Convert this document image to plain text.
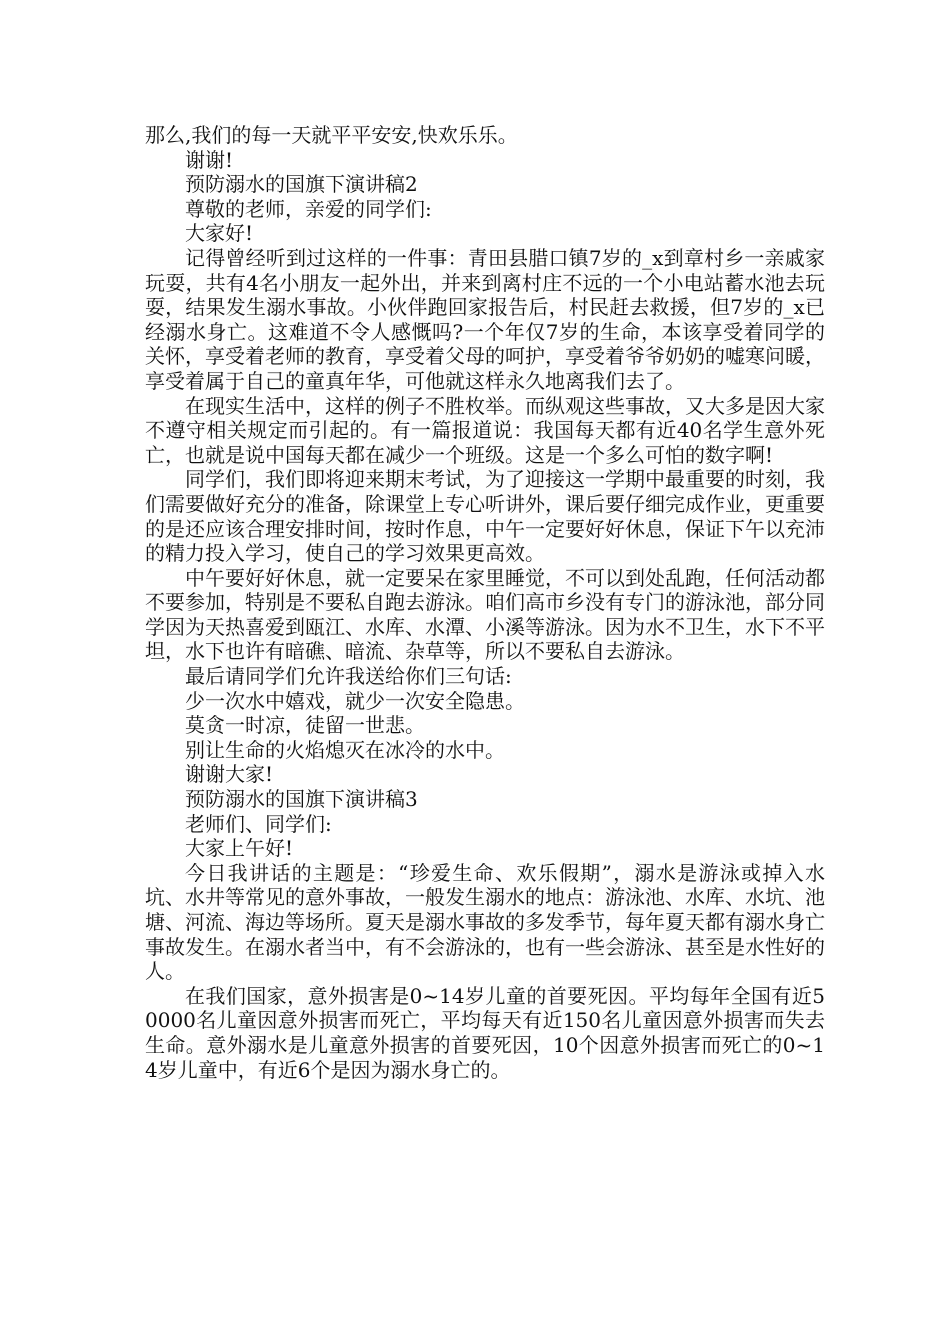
那么,我们的每一天就平平安安,快欢乐乐。

谢谢!

预防溺水的国旗下演讲稿2

尊敬的老师，亲爱的同学们:

大家好!

记得曾经听到过这样的一件事：青田县腊口镇7岁的_x到章村乡一亲戚家玩耍，共有4名小朋友一起外出，并来到离村庄不远的一个小电站蓄水池去玩耍，结果发生溺水事故。小伙伴跑回家报告后，村民赶去救援，但7岁的_x已经溺水身亡。这难道不令人感慨吗?一个年仅7岁的生命，本该享受着同学的关怀，享受着老师的教育，享受着父母的呵护，享受着爷爷奶奶的嘘寒问暖，享受着属于自己的童真年华，可他就这样永久地离我们去了。

在现实生活中，这样的例子不胜枚举。而纵观这些事故，又大多是因大家不遵守相关规定而引起的。有一篇报道说：我国每天都有近40名学生意外死亡，也就是说中国每天都在减少一个班级。这是一个多么可怕的数字啊!

同学们，我们即将迎来期末考试，为了迎接这一学期中最重要的时刻，我们需要做好充分的准备，除课堂上专心听讲外，课后要仔细完成作业，更重要的是还应该合理安排时间，按时作息，中午一定要好好休息，保证下午以充沛的精力投入学习，使自己的学习效果更高效。

中午要好好休息，就一定要呆在家里睡觉，不可以到处乱跑，任何活动都不要参加，特别是不要私自跑去游泳。咱们高市乡没有专门的游泳池，部分同学因为天热喜爱到瓯江、水库、水潭、小溪等游泳。因为水不卫生，水下不平坦，水下也许有暗礁、暗流、杂草等，所以不要私自去游泳。

最后请同学们允许我送给你们三句话:

少一次水中嬉戏，就少一次安全隐患。

莫贪一时凉，徒留一世悲。

别让生命的火焰熄灭在冰冷的水中。

谢谢大家!

预防溺水的国旗下演讲稿3

老师们、同学们:

大家上午好!

今日我讲话的主题是：“珍爱生命、欢乐假期”，溺水是游泳或掉入水坑、水井等常见的意外事故，一般发生溺水的地点：游泳池、水库、水坑、池塘、河流、海边等场所。夏天是溺水事故的多发季节，每年夏天都有溺水身亡事故发生。在溺水者当中，有不会游泳的，也有一些会游泳、甚至是水性好的人。

在我们国家，意外损害是0~14岁儿童的首要死因。平均每年全国有近50000名儿童因意外损害而死亡，平均每天有近150名儿童因意外损害而失去生命。意外溺水是儿童意外损害的首要死因，10个因意外损害而死亡的0~14岁儿童中，有近6个是因为溺水身亡的。
